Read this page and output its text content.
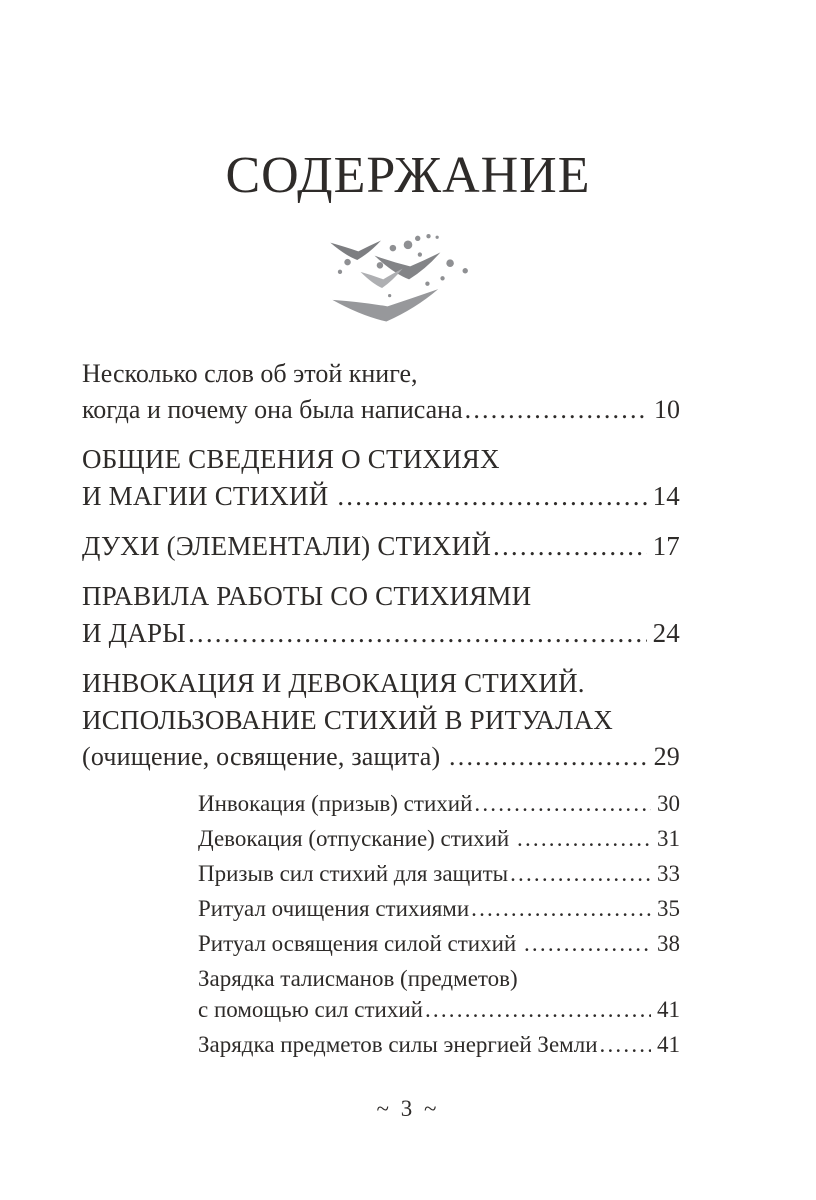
СОДЕРЖАНИЕ
Несколько слов об этой книге,
когда и почему она была написана .....	10
ОБЩИЕ СВЕДЕНИЯ О СТИХИЯХ
И МАГИИ СТИХИЙ .....	14
ДУХИ (ЭЛЕМЕНТАЛИ) СТИХИЙ .....	17
ПРАВИЛА РАБОТЫ СО СТИХИЯМИ
И ДАРЫ .....	24
ИНВОКАЦИЯ И ДЕВОКАЦИЯ СТИХИЙ.
ИСПОЛЬЗОВАНИЕ СТИХИЙ В РИТУАЛАХ
(очищение, освящение, защита) .....	29
Инвокация (призыв) стихий .....	30
Девокация (отпускание) стихий .....	31
Призыв сил стихий для защиты .....	33
Ритуал очищения стихиями .....	35
Ритуал освящения силой стихий .....	38
Зарядка талисманов (предметов)
с помощью сил стихий .....	41
Зарядка предметов силы энергией Земли .....	41
~ 3 ~
